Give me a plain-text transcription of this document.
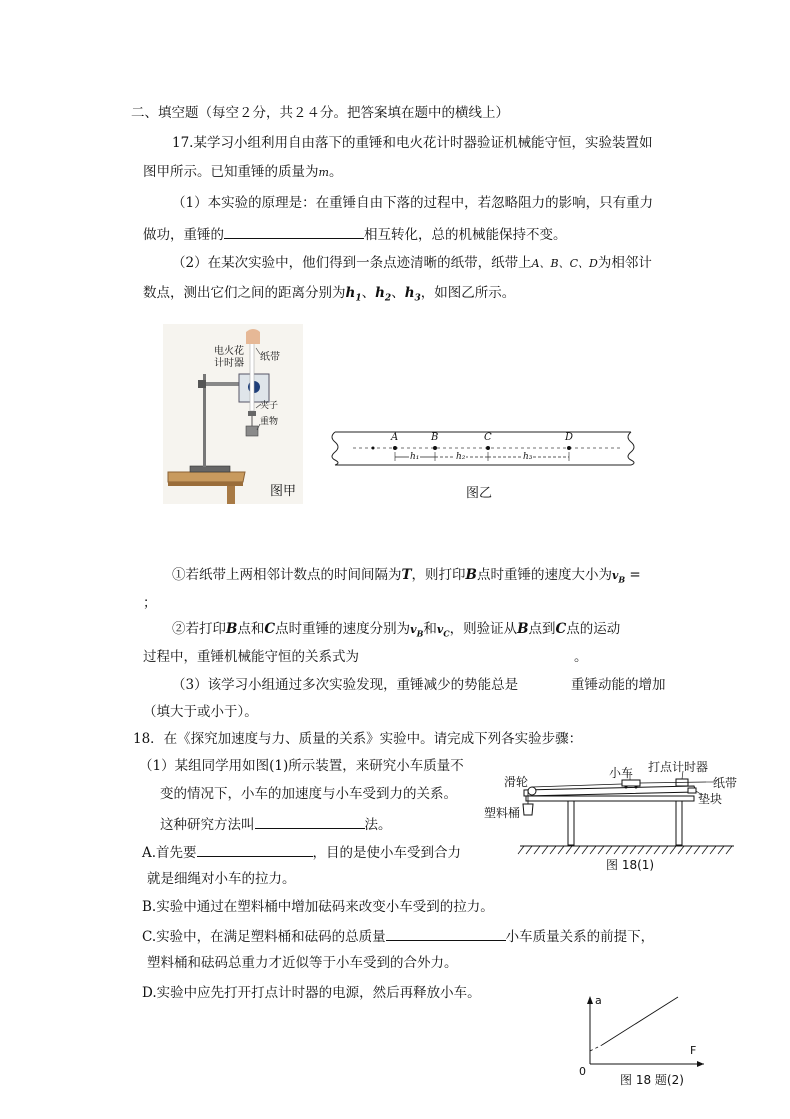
二、填空题（每空２分，共２４分。把答案填在题中的横线上）
17.某学习小组利用自由落下的重锤和电火花计时器验证机械能守恒，实验装置如
图甲所示。已知重锤的质量为m。
（1）本实验的原理是：在重锤自由下落的过程中，若忽略阻力的影响，只有重力
做功，重锤的	相互转化，总的机械能保持不变。
（2）在某次实验中，他们得到一条点迹清晰的纸带，纸带上A、B、C、D为相邻计
数点，测出它们之间的距离分别为$h_1$、$h_2$、$h_3$，如图乙所示。
电火花
计时器
纸带
夹子
重物
图甲
A	B	C	D
h₁	h₂	h₃
图乙
①若纸带上两相邻计数点的时间间隔为T，则打印B点时重锤的速度大小为$v_B$ =
；
②若打印B点和C点时重锤的速度分别为$v_B$和$v_C$，则验证从B点到C点的运动
过程中，重锤机械能守恒的关系式为	。
（3）该学习小组通过多次实验发现，重锤减少的势能总是	重锤动能的增加
（填大于或小于）。
18．在《探究加速度与力、质量的关系》实验中。请完成下列各实验步骤：
（1）某组同学用如图(1)所示装置，来研究小车质量不
变的情况下，小车的加速度与小车受到力的关系。
这种研究方法叫	法。
A.首先要	，目的是使小车受到合力
就是细绳对小车的拉力。
B.实验中通过在塑料桶中增加砝码来改变小车受到的拉力。
C.实验中，在满足塑料桶和砝码的总质量	小车质量关系的前提下，
塑料桶和砝码总重力才近似等于小车受到的合外力。
D.实验中应先打开打点计时器的电源，然后再释放小车。
小车 打点计时器
滑轮	纸带
垫块
塑料桶
图 18(1)
a
F
0
图 18 题(2)
